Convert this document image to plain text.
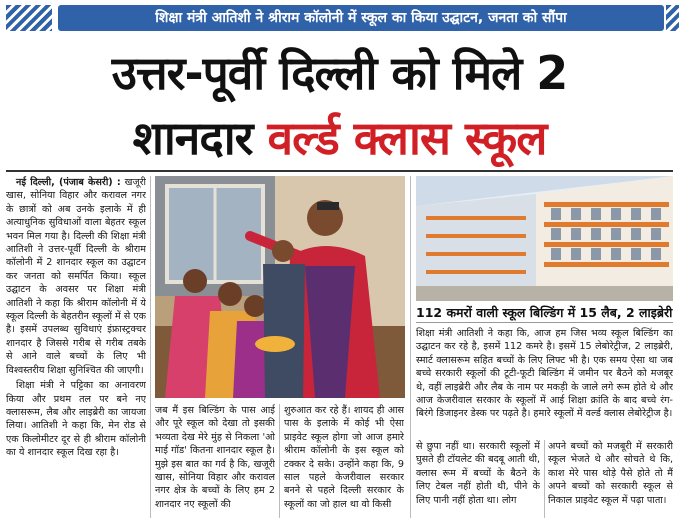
शिक्षा मंत्री आतिशी ने श्रीराम कॉलोनी में स्कूल का किया उद्घाटन, जनता को सौंपा
उत्तर-पूर्वी दिल्ली को मिले 2
शानदार वर्ल्ड क्लास स्कूल

नई दिल्ली, (पंजाब केसरी) : खजूरी खास, सोनिया विहार और करावल नगर के छात्रों को अब उनके इलाके में ही अत्याधुनिक सुविधाओं वाला बेहतर स्कूल भवन मिल गया है। दिल्ली की शिक्षा मंत्री आतिशी ने उत्तर-पूर्वी दिल्ली के श्रीराम कॉलोनी में 2 शानदार स्कूल का उद्घाटन कर जनता को समर्पित किया। स्कूल उद्घाटन के अवसर पर शिक्षा मंत्री आतिशी ने कहा कि श्रीराम कॉलोनी में ये स्कूल दिल्ली के बेहतरीन स्कूलों में से एक है। इसमें उपलब्ध सुविधाएं इंफ्रास्ट्रक्चर शानदार है जिससे गरीब से गरीब तबके से आने वाले बच्चों के लिए भी विश्वस्तरीय शिक्षा सुनिश्चित की जाएगी।

शिक्षा मंत्री ने पट्टिका का अनावरण किया और प्रथम तल पर बने नए क्लासरूम, लैब और लाइब्रेरी का जायजा लिया। आतिशी ने कहा कि, मेन रोड से एक किलोमीटर दूर से ही श्रीराम कॉलोनी का ये शानदार स्कूल दिख रहा है।

112 कमरों वाली स्कूल बिल्डिंग में 15 लैब, 2 लाइब्रेरी

शिक्षा मंत्री आतिशी ने कहा कि, आज हम जिस भव्य स्कूल बिल्डिंग का उद्घाटन कर रहे है, इसमें 112 कमरे है। इसमें 15 लेबोरेट्रीज, 2 लाइब्रेरी, स्मार्ट क्लासरूम सहित बच्चों के लिए लिफ्ट भी है। एक समय ऐसा था जब बच्चे सरकारी स्कूलों की टूटी-फूटी बिल्डिंग में जमीन पर बैठने को मजबूर थे, वहीं लाइब्रेरी और लैब के नाम पर मकड़ी के जाले लगे रूम होते थे और आज केजरीवाल सरकार के स्कूलों में आई शिक्षा क्रांति के बाद बच्चे रंग-बिरंगे डिजाइनर डेस्क पर पढ़ते है। हमारे स्कूलों में वर्ल्ड क्लास लेबोरेट्रीज है।

जब मैं इस बिल्डिंग के पास आई और पूरे स्कूल को देखा तो इसकी भव्यता देख मेरे मुंह से निकला 'ओ माई गॉड' कितना शानदार स्कूल है। मुझे इस बात का गर्व है कि, खजूरी खास, सोनिया विहार और करावल नगर क्षेत्र के बच्चों के लिए हम 2 शानदार नए स्कूलों की

शुरुआत कर रहे हैं। शायद ही आस पास के इलाके में कोई भी ऐसा प्राइवेट स्कूल होगा जो आज हमारे श्रीराम कॉलोनी के इस स्कूल को टक्कर दे सके। उन्होंने कहा कि, 9 साल पहले केजरीवाल सरकार बनने से पहले दिल्ली सरकार के स्कूलों का जो हाल था वो किसी

से छुपा नहीं था। सरकारी स्कूलों में घुसते ही टॉयलेट की बदबू आती थी, क्लास रूम में बच्चों के बैठने के लिए टेबल नहीं होती थी, पीने के लिए पानी नहीं होता था। लोग

अपने बच्चों को मजबूरी में सरकारी स्कूल भेजते थे और सोचते थे कि, काश मेरे पास थोड़े पैसे होते तो मैं अपने बच्चों को सरकारी स्कूल से निकाल प्राइवेट स्कूल में पढ़ा पाता।
